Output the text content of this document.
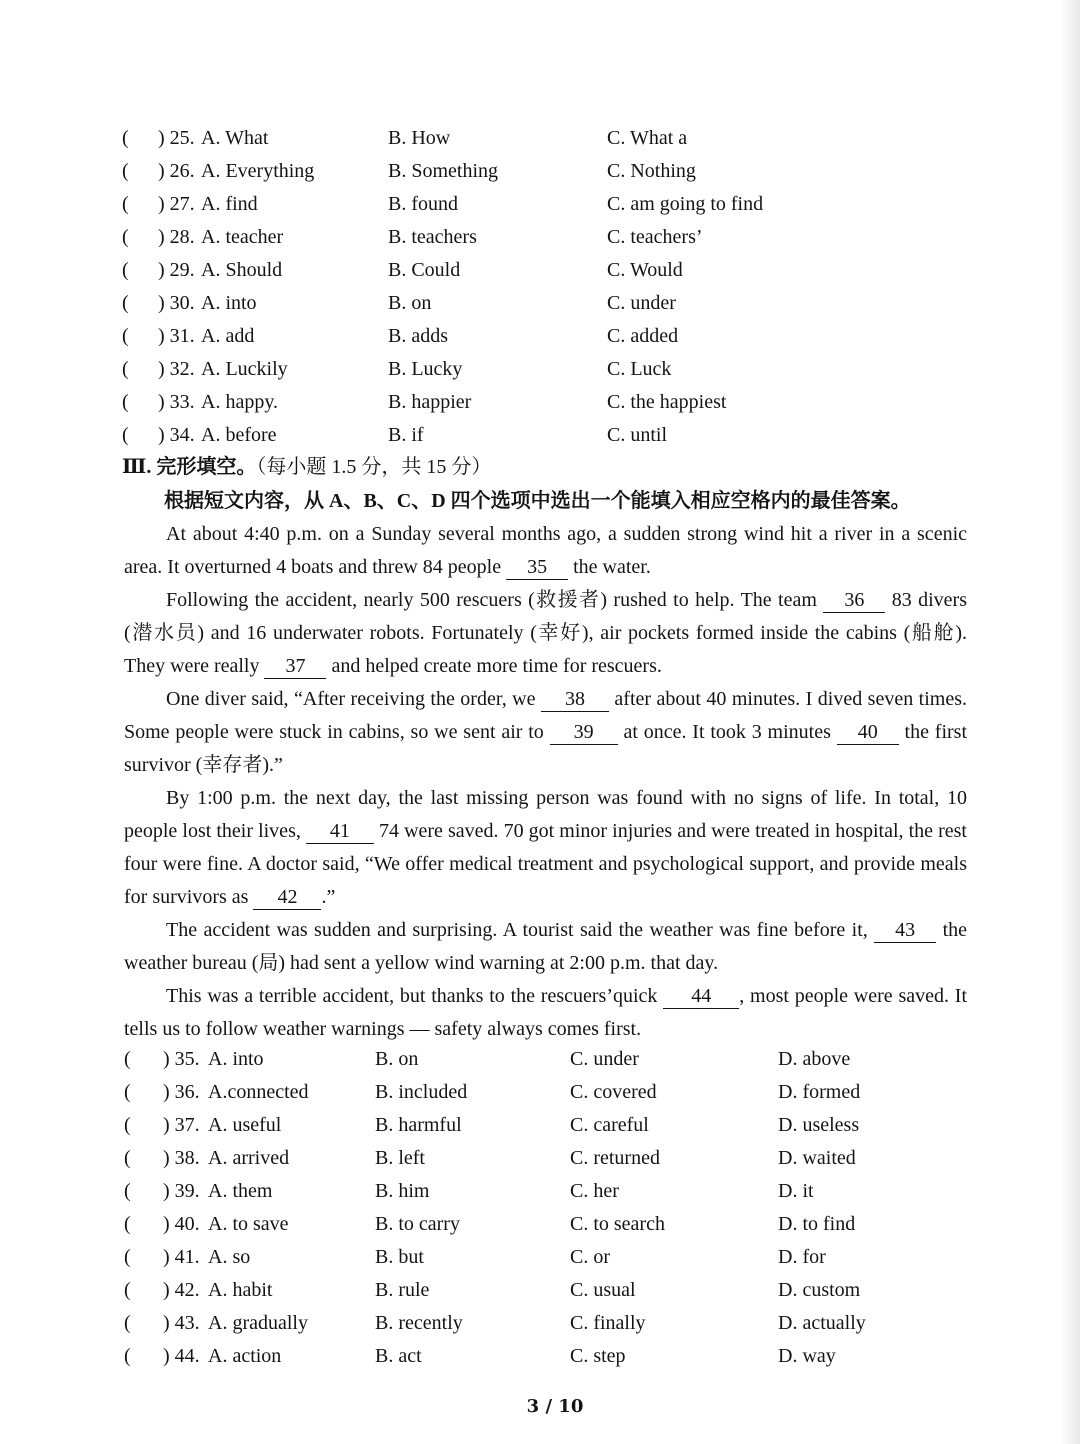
( ) 25. A. What	B. How	C. What a
( ) 26. A. Everything	B. Something	C. Nothing
( ) 27. A. find	B. found	C. am going to find
( ) 28. A. teacher	B. teachers	C. teachers’
( ) 29. A. Should	B. Could	C. Would
( ) 30. A. into	B. on	C. under
( ) 31. A. add	B. adds	C. added
( ) 32. A. Luckily	B. Lucky	C. Luck
( ) 33. A. happy.	B. happier	C. the happiest
( ) 34. A. before	B. if	C. until
Ⅲ. 完形填空。（每小题 1.5 分，共 15 分）
根据短文内容，从 A、B、C、D 四个选项中选出一个能填入相应空格内的最佳答案。

At about 4:40 p.m. on a Sunday several months ago, a sudden strong wind hit a river in a scenic area. It overturned 4 boats and threw 84 people 35 the water.

Following the accident, nearly 500 rescuers (救援者) rushed to help. The team 36 83 divers (潜水员) and 16 underwater robots. Fortunately (幸好), air pockets formed inside the cabins (船舱). They were really 37 and helped create more time for rescuers.

One diver said, “After receiving the order, we 38 after about 40 minutes. I dived seven times. Some people were stuck in cabins, so we sent air to 39 at once. It took 3 minutes 40 the first survivor (幸存者).”

By 1:00 p.m. the next day, the last missing person was found with no signs of life. In total, 10 people lost their lives, 41 74 were saved. 70 got minor injuries and were treated in hospital, the rest four were fine. A doctor said, “We offer medical treatment and psychological support, and provide meals for survivors as 42 .”

The accident was sudden and surprising. A tourist said the weather was fine before it, 43 the weather bureau (局) had sent a yellow wind warning at 2:00 p.m. that day.

This was a terrible accident, but thanks to the rescuers’quick 44 , most people were saved. It tells us to follow weather warnings — safety always comes first.

( ) 35. A. into	B. on	C. under	D. above
( ) 36. A.connected	B. included	C. covered	D. formed
( ) 37. A. useful	B. harmful	C. careful	D. useless
( ) 38. A. arrived	B. left	C. returned	D. waited
( ) 39. A. them	B. him	C. her	D. it
( ) 40. A. to save	B. to carry	C. to search	D. to find
( ) 41. A. so	B. but	C. or	D. for
( ) 42. A. habit	B. rule	C. usual	D. custom
( ) 43. A. gradually	B. recently	C. finally	D. actually
( ) 44. A. action	B. act	C. step	D. way
3 / 10
